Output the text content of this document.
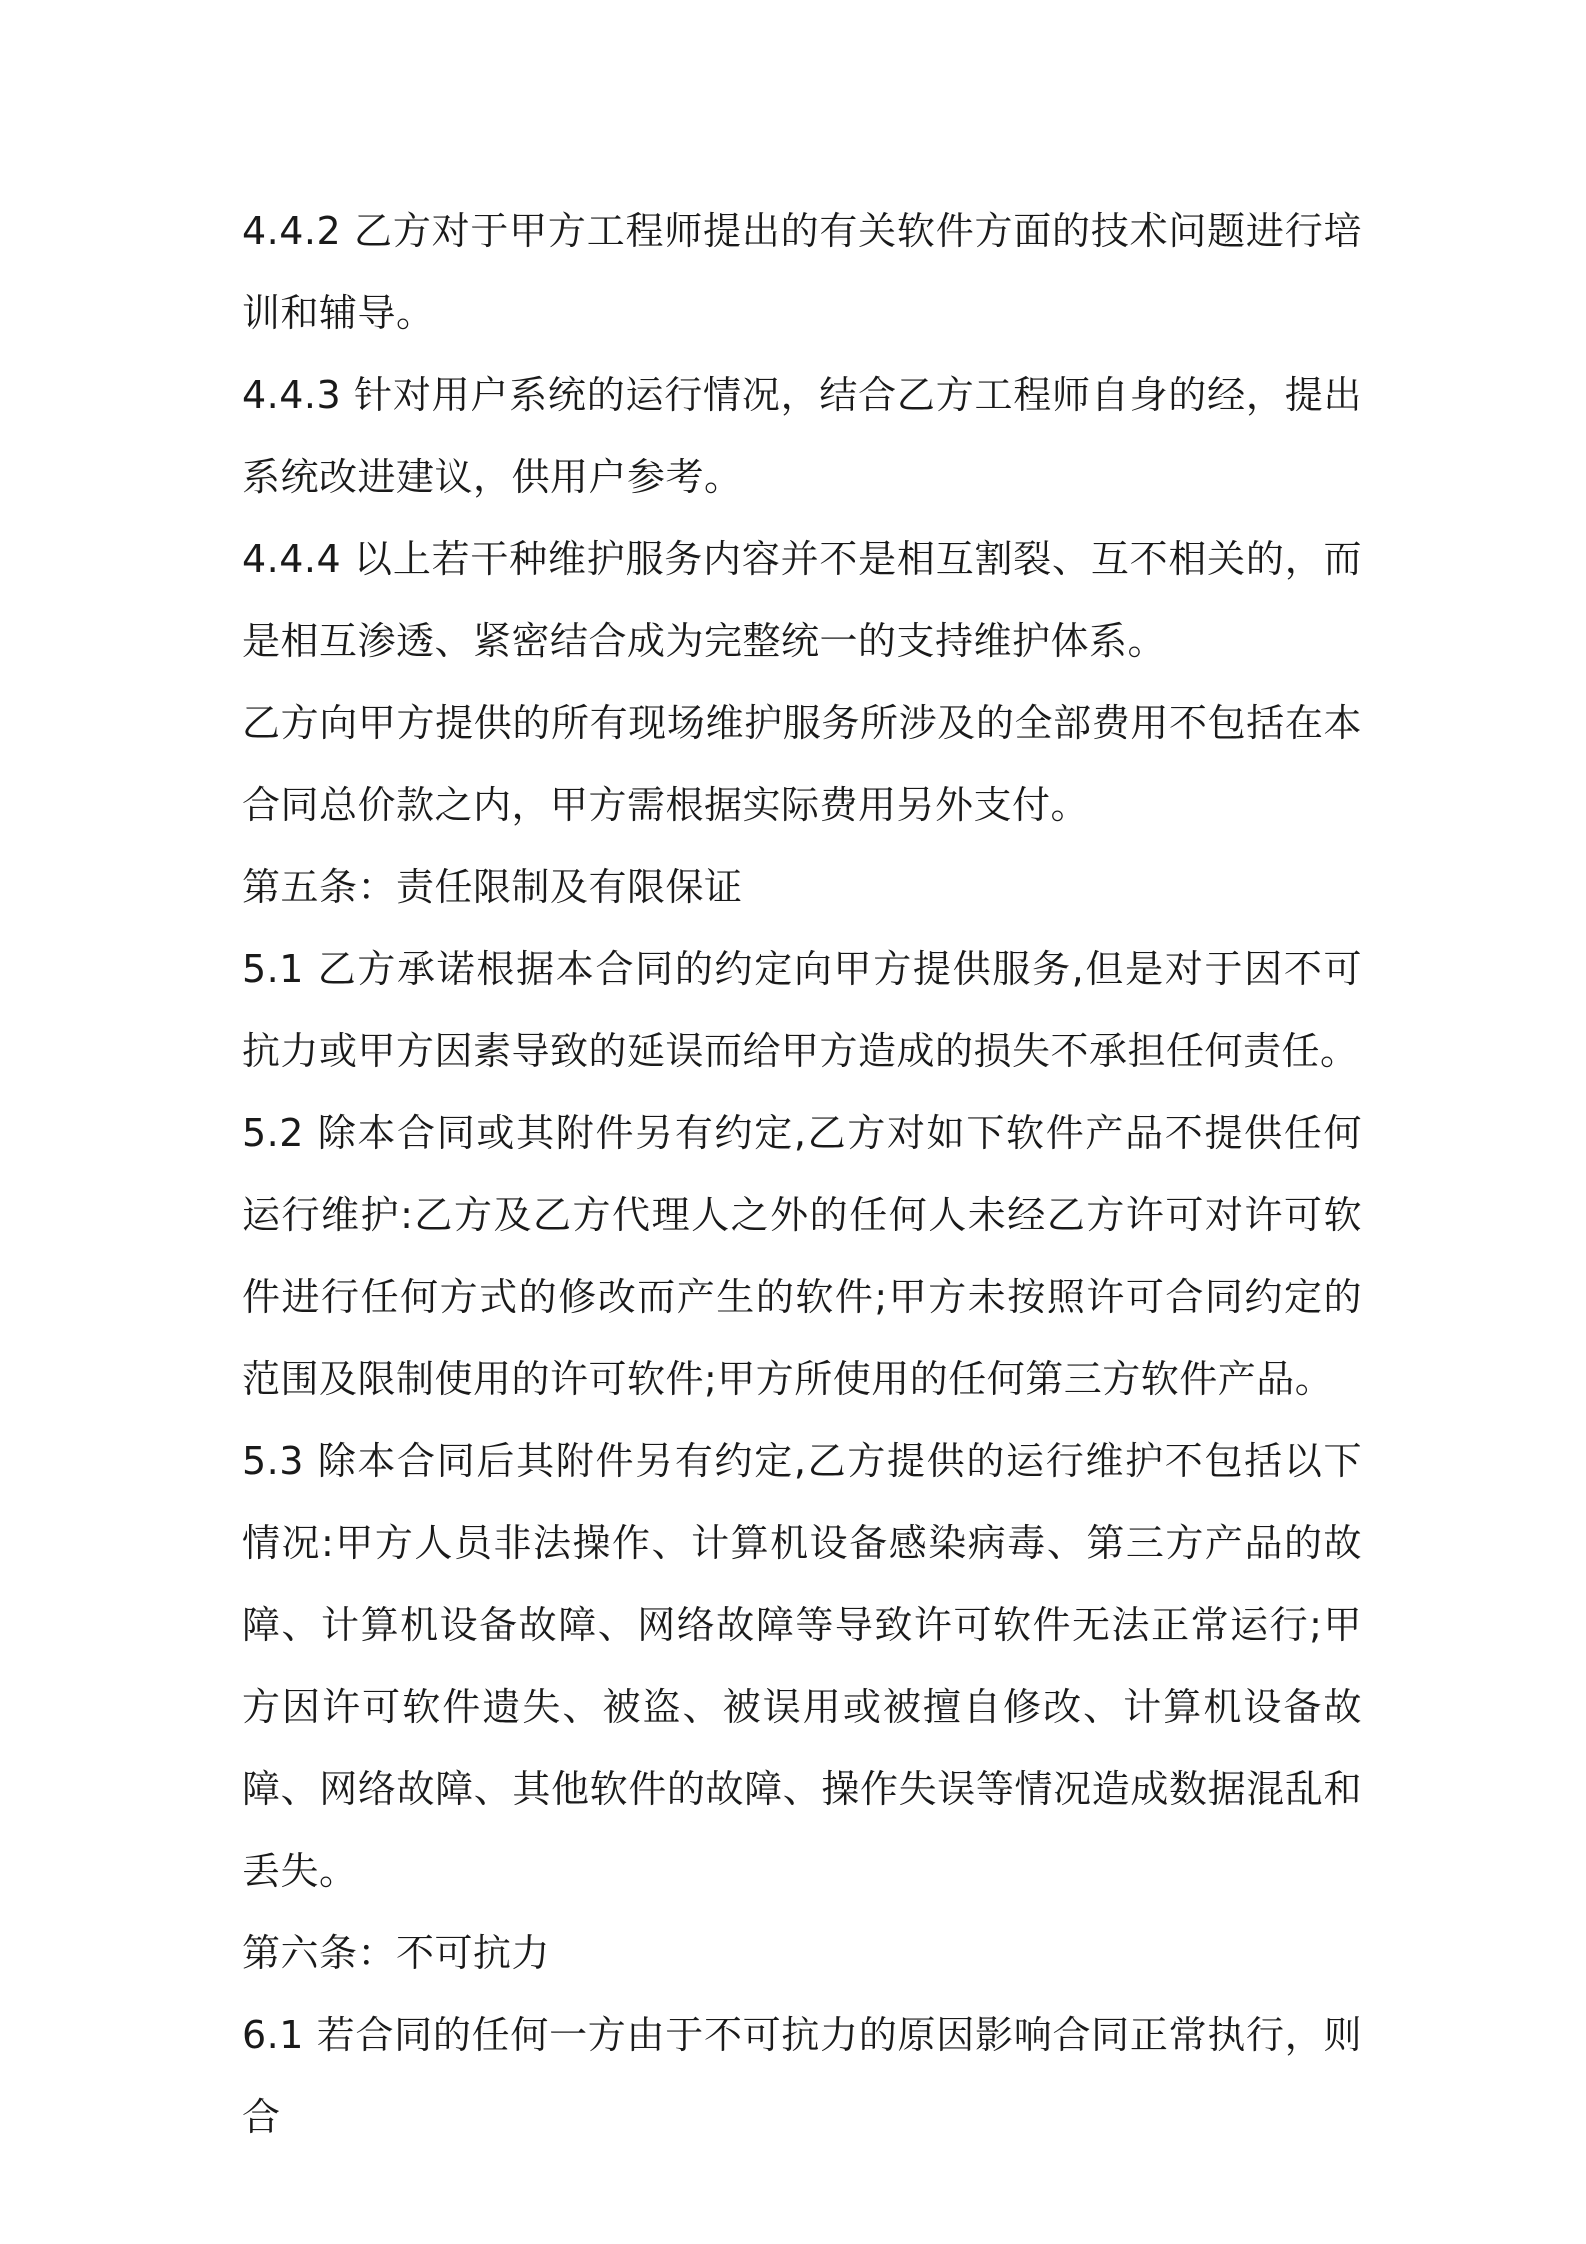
4.4.2 乙方对于甲方工程师提出的有关软件方面的技术问题进行培训和辅导。

4.4.3 针对用户系统的运行情况，结合乙方工程师自身的经，提出系统改进建议，供用户参考。

4.4.4 以上若干种维护服务内容并不是相互割裂、互不相关的，而是相互渗透、紧密结合成为完整统一的支持维护体系。

乙方向甲方提供的所有现场维护服务所涉及的全部费用不包括在本合同总价款之内，甲方需根据实际费用另外支付。

第五条：责任限制及有限保证

5.1 乙方承诺根据本合同的约定向甲方提供服务,但是对于因不可抗力或甲方因素导致的延误而给甲方造成的损失不承担任何责任。

5.2 除本合同或其附件另有约定,乙方对如下软件产品不提供任何运行维护:乙方及乙方代理人之外的任何人未经乙方许可对许可软件进行任何方式的修改而产生的软件;甲方未按照许可合同约定的范围及限制使用的许可软件;甲方所使用的任何第三方软件产品。

5.3 除本合同后其附件另有约定,乙方提供的运行维护不包括以下情况:甲方人员非法操作、计算机设备感染病毒、第三方产品的故障、计算机设备故障、网络故障等导致许可软件无法正常运行;甲方因许可软件遗失、被盗、被误用或被擅自修改、计算机设备故障、网络故障、其他软件的故障、操作失误等情况造成数据混乱和丢失。

第六条：不可抗力

6.1 若合同的任何一方由于不可抗力的原因影响合同正常执行，则合
